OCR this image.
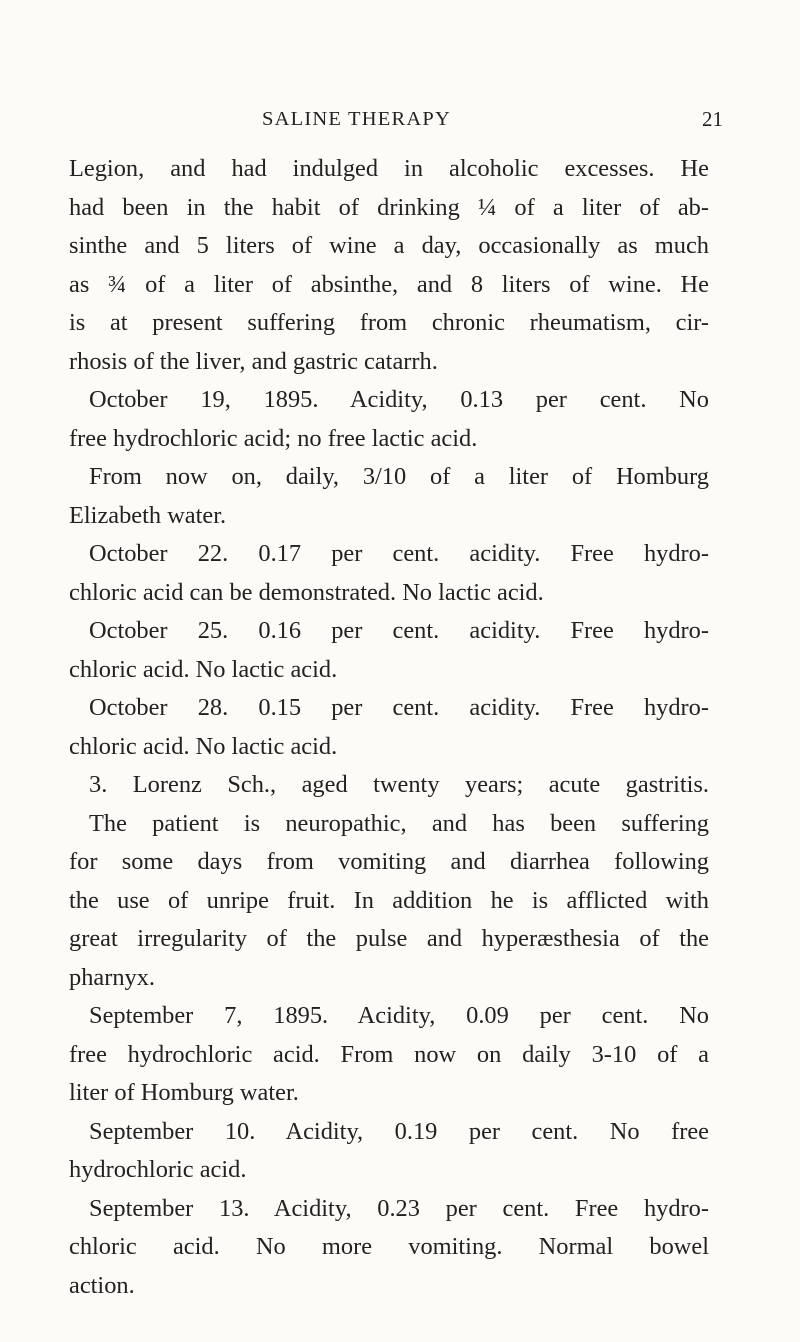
SALINE THERAPY	21
Legion, and had indulged in alcoholic excesses. He
had been in the habit of drinking ¼ of a liter of ab-
sinthe and 5 liters of wine a day, occasionally as much
as ¾ of a liter of absinthe, and 8 liters of wine. He
is at present suffering from chronic rheumatism, cir-
rhosis of the liver, and gastric catarrh.
October 19, 1895. Acidity, 0.13 per cent. No
free hydrochloric acid; no free lactic acid.
From now on, daily, 3/10 of a liter of Homburg
Elizabeth water.
October 22. 0.17 per cent. acidity. Free hydro-
chloric acid can be demonstrated. No lactic acid.
October 25. 0.16 per cent. acidity. Free hydro-
chloric acid. No lactic acid.
October 28. 0.15 per cent. acidity. Free hydro-
chloric acid. No lactic acid.
3. Lorenz Sch., aged twenty years; acute gastritis.
The patient is neuropathic, and has been suffering
for some days from vomiting and diarrhea following
the use of unripe fruit. In addition he is afflicted with
great irregularity of the pulse and hyperæsthesia of the
pharnyx.
September 7, 1895. Acidity, 0.09 per cent. No
free hydrochloric acid. From now on daily 3-10 of a
liter of Homburg water.
September 10. Acidity, 0.19 per cent. No free
hydrochloric acid.
September 13. Acidity, 0.23 per cent. Free hydro-
chloric acid. No more vomiting. Normal bowel
action.
